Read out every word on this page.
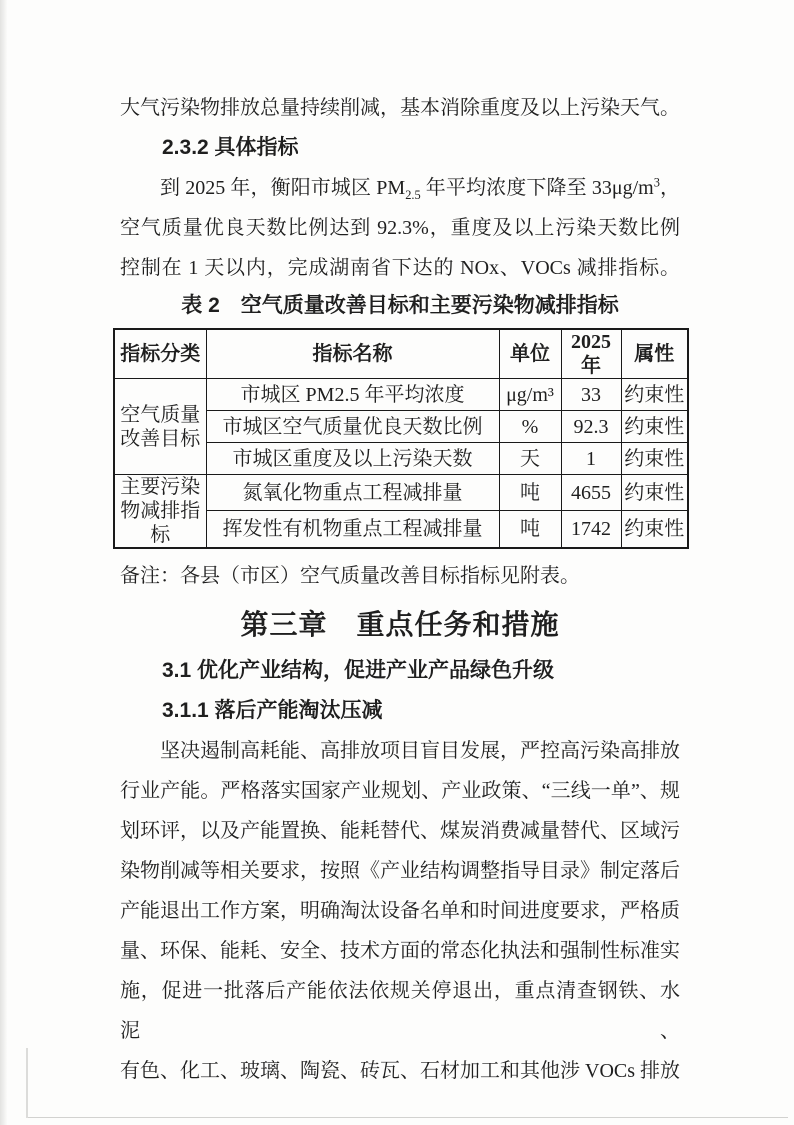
大气污染物排放总量持续削减，基本消除重度及以上污染天气。
2.3.2 具体指标
到 2025 年，衡阳市城区 $PM_{2.5}$ 年平均浓度下降至 $33\mu g/m^3$，
空气质量优良天数比例达到 92.3%，重度及以上污染天数比例
控制在 1 天以内，完成湖南省下达的 NOx、VOCs 减排指标。
表 2　空气质量改善目标和主要污染物减排指标
指标分类	指标名称	单位	2025 年	属性
空气质量改善目标	市城区 PM2.5 年平均浓度	μg/m³	33	约束性
	市城区空气质量优良天数比例	%	92.3	约束性
	市城区重度及以上污染天数	天	1	约束性
主要污染物减排指标	氮氧化物重点工程减排量	吨	4655	约束性
	挥发性有机物重点工程减排量	吨	1742	约束性
备注：各县（市区）空气质量改善目标指标见附表。
第三章　重点任务和措施
3.1 优化产业结构，促进产业产品绿色升级
3.1.1 落后产能淘汰压减
坚决遏制高耗能、高排放项目盲目发展，严控高污染高排放
行业产能。严格落实国家产业规划、产业政策、“三线一单”、规
划环评，以及产能置换、能耗替代、煤炭消费减量替代、区域污
染物削减等相关要求，按照《产业结构调整指导目录》制定落后
产能退出工作方案，明确淘汰设备名单和时间进度要求，严格质
量、环保、能耗、安全、技术方面的常态化执法和强制性标准实
施，促进一批落后产能依法依规关停退出，重点清查钢铁、水泥、
有色、化工、玻璃、陶瓷、砖瓦、石材加工和其他涉 VOCs 排放
